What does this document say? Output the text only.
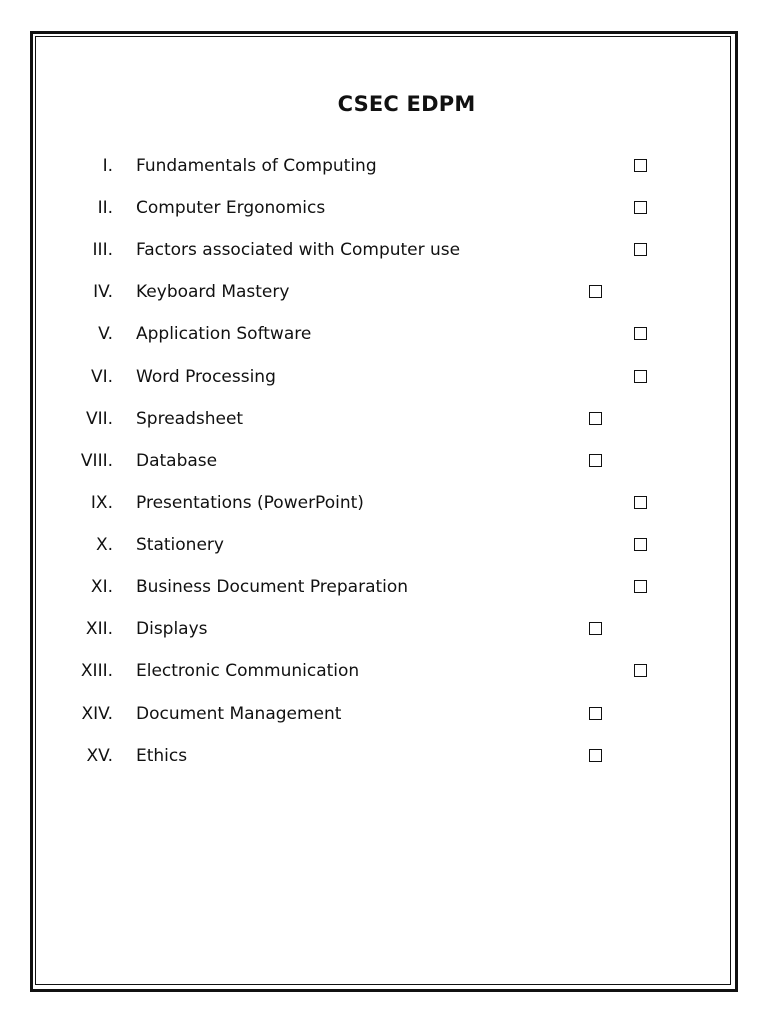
CSEC EDPM
I. Fundamentals of Computing
II. Computer Ergonomics
III. Factors associated with Computer use
IV. Keyboard Mastery
V. Application Software
VI. Word Processing
VII. Spreadsheet
VIII. Database
IX. Presentations (PowerPoint)
X. Stationery
XI. Business Document Preparation
XII. Displays
XIII. Electronic Communication
XIV. Document Management
XV. Ethics
